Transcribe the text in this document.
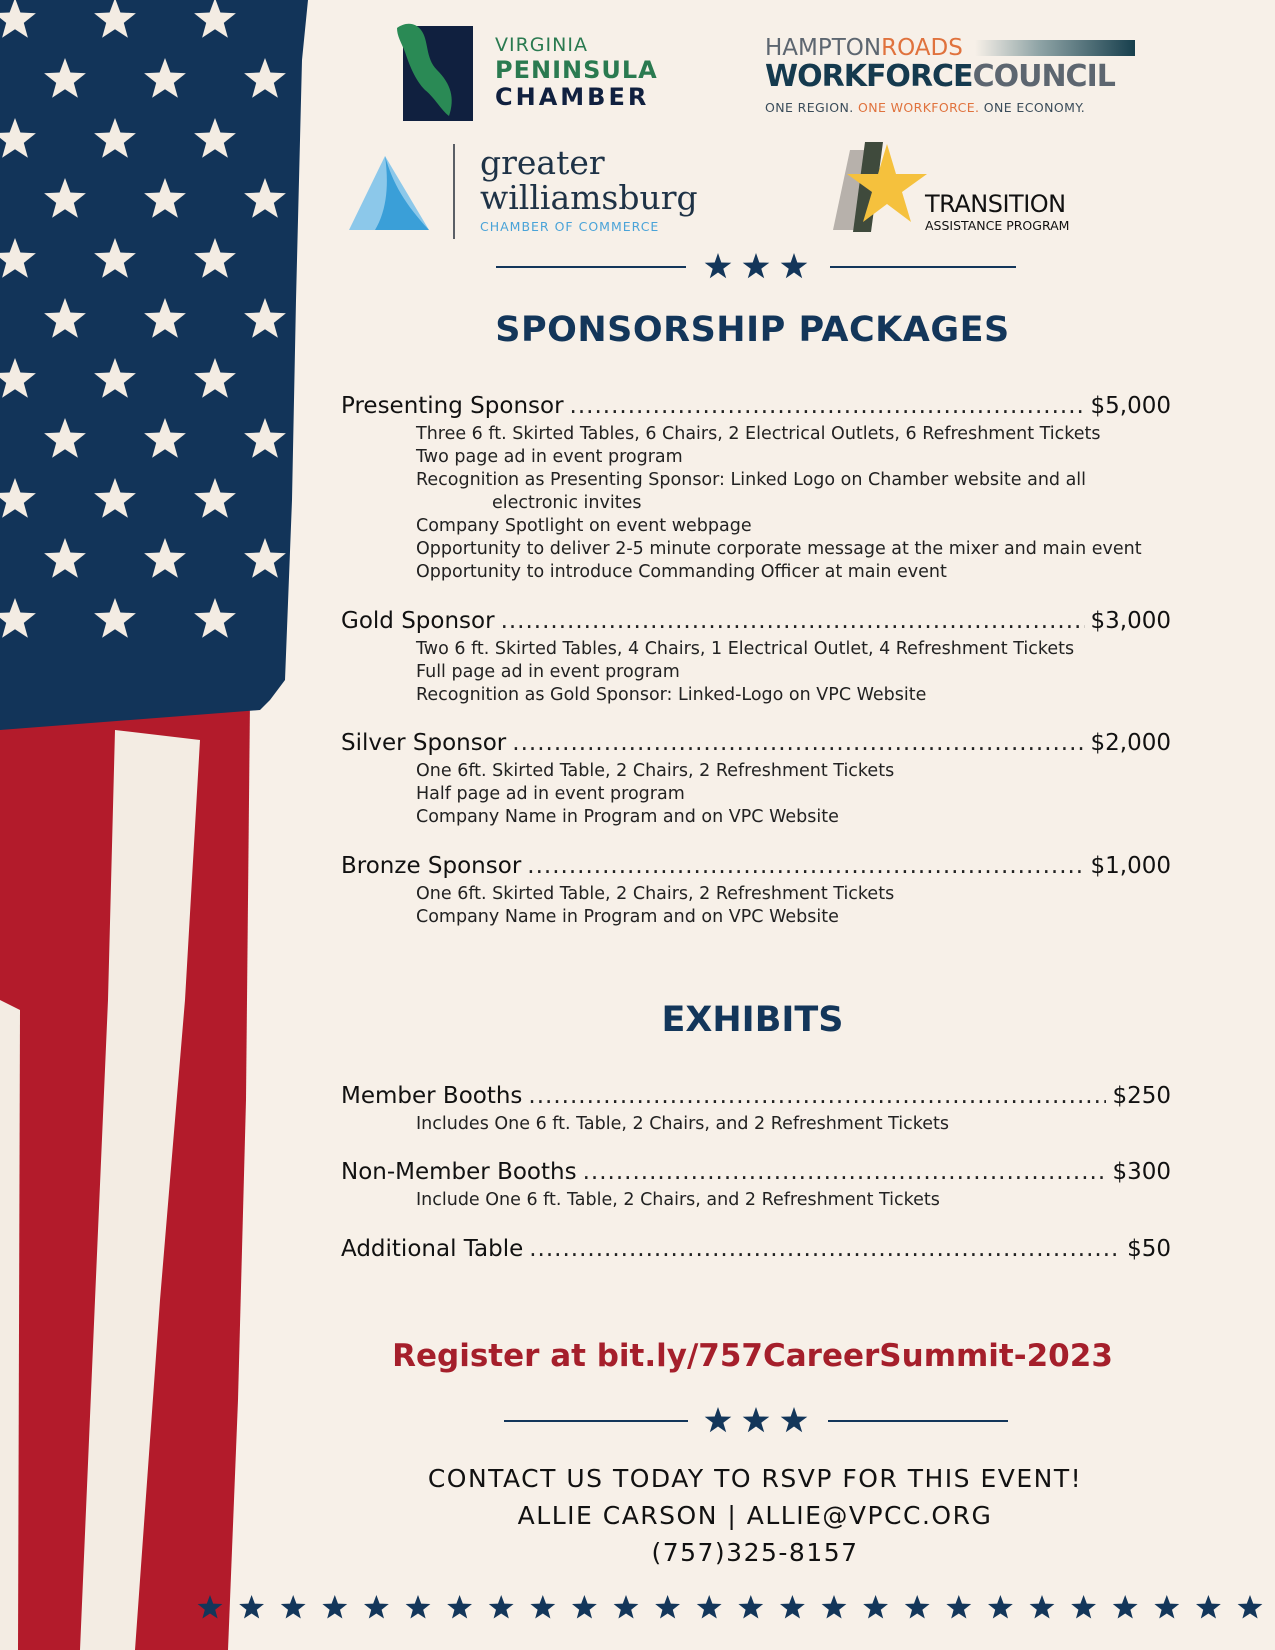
VIRGINIA
PENINSULA
CHAMBER
HAMPTONROADS
WORKFORCECOUNCIL
ONE REGION. ONE WORKFORCE. ONE ECONOMY.
greater
williamsburg
CHAMBER OF COMMERCE
TRANSITION
ASSISTANCE PROGRAM
SPONSORSHIP PACKAGES
Presenting Sponsor .....	$5,000
Three 6 ft. Skirted Tables, 6 Chairs, 2 Electrical Outlets, 6 Refreshment Tickets
Two page ad in event program
Recognition as Presenting Sponsor: Linked Logo on Chamber website and all
electronic invites
Company Spotlight on event webpage
Opportunity to deliver 2-5 minute corporate message at the mixer and main event
Opportunity to introduce Commanding Officer at main event
Gold Sponsor .....	$3,000
Two 6 ft. Skirted Tables, 4 Chairs, 1 Electrical Outlet, 4 Refreshment Tickets
Full page ad in event program
Recognition as Gold Sponsor: Linked-Logo on VPC Website
Silver Sponsor .....	$2,000
One 6ft. Skirted Table, 2 Chairs, 2 Refreshment Tickets
Half page ad in event program
Company Name in Program and on VPC Website
Bronze Sponsor .....	$1,000
One 6ft. Skirted Table, 2 Chairs, 2 Refreshment Tickets
Company Name in Program and on VPC Website
EXHIBITS
Member Booths .....	$250
Includes One 6 ft. Table, 2 Chairs, and 2 Refreshment Tickets
Non-Member Booths .....	$300
Include One 6 ft. Table, 2 Chairs, and 2 Refreshment Tickets
Additional Table .....	$50

Register at bit.ly/757CareerSummit-2023

CONTACT US TODAY TO RSVP FOR THIS EVENT!
ALLIE CARSON | ALLIE@VPCC.ORG
(757)325-8157
